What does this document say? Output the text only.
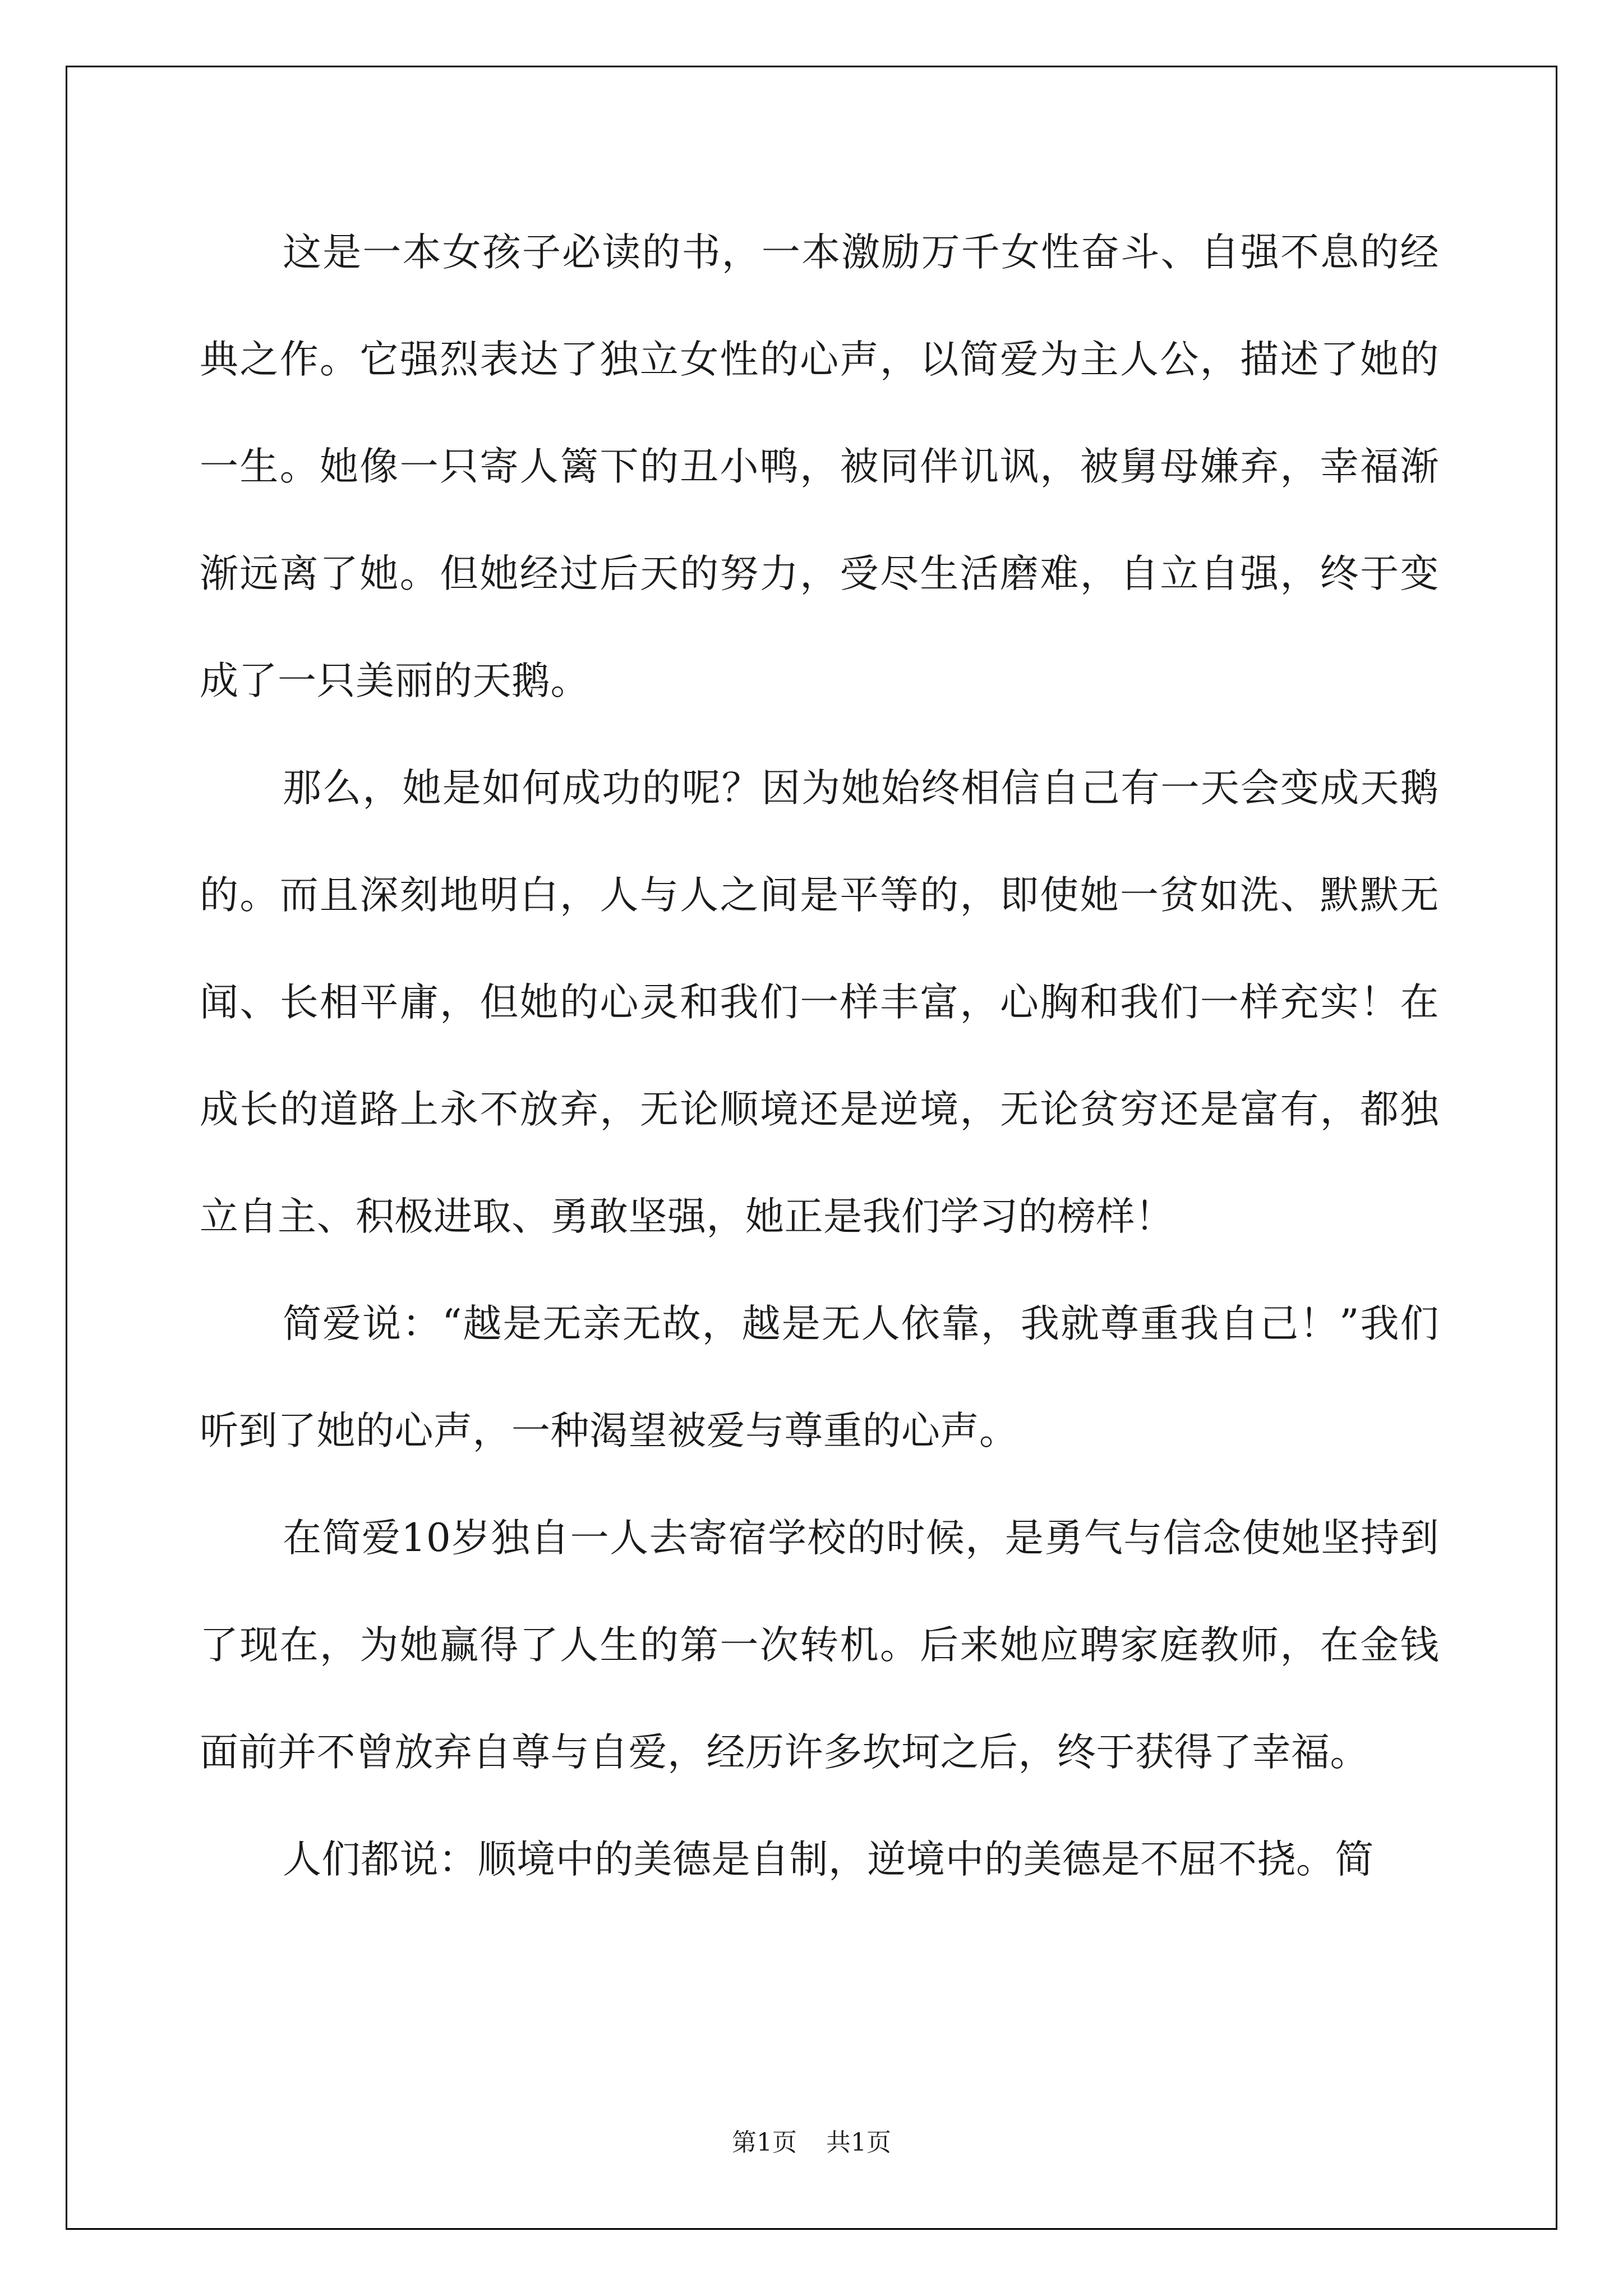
这是一本女孩子必读的书，一本激励万千女性奋斗、自强不息的经典之作。它强烈表达了独立女性的心声，以简爱为主人公，描述了她的一生。她像一只寄人篱下的丑小鸭，被同伴讥讽，被舅母嫌弃，幸福渐渐远离了她。但她经过后天的努力，受尽生活磨难，自立自强，终于变成了一只美丽的天鹅。

那么，她是如何成功的呢？因为她始终相信自己有一天会变成天鹅的。而且深刻地明白，人与人之间是平等的，即使她一贫如洗、默默无闻、长相平庸，但她的心灵和我们一样丰富，心胸和我们一样充实！在成长的道路上永不放弃，无论顺境还是逆境，无论贫穷还是富有，都独立自主、积极进取、勇敢坚强，她正是我们学习的榜样！

简爱说：“越是无亲无故，越是无人依靠，我就尊重我自己！”我们听到了她的心声，一种渴望被爱与尊重的心声。

在简爱10岁独自一人去寄宿学校的时候，是勇气与信念使她坚持到了现在，为她赢得了人生的第一次转机。后来她应聘家庭教师，在金钱面前并不曾放弃自尊与自爱，经历许多坎坷之后，终于获得了幸福。

人们都说：顺境中的美德是自制，逆境中的美德是不屈不挠。简

第1页 共1页
